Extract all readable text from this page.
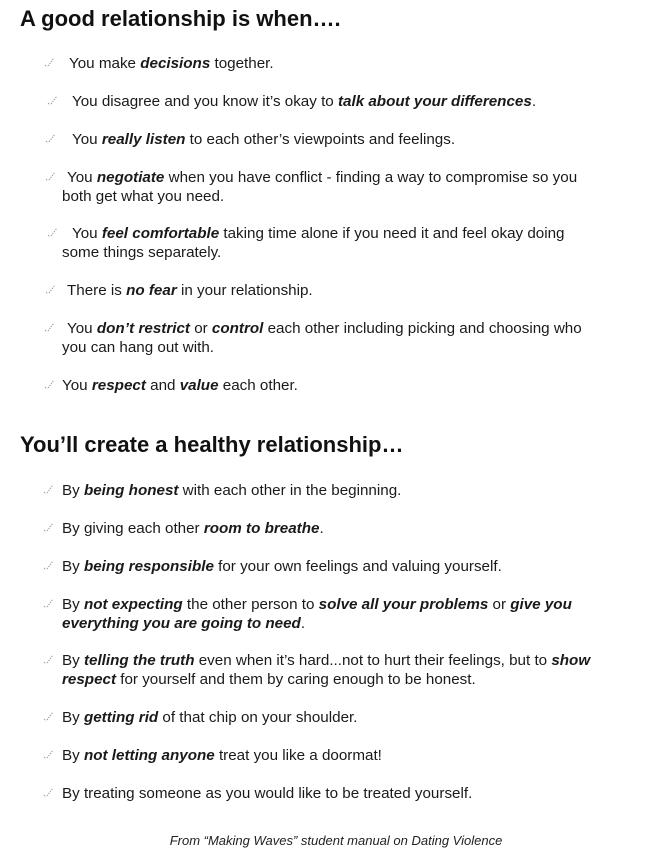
A good relationship is when….
You make decisions together.
You disagree and you know it’s okay to talk about your differences.
You really listen to each other’s viewpoints and feelings.
You negotiate when you have conflict - finding a way to compromise so you
both get what you need.
You feel comfortable taking time alone if you need it and feel okay doing
some things separately.
There is no fear in your relationship.
You don’t restrict or control each other including picking and choosing who
you can hang out with.
You respect and value each other.
You’ll create a healthy relationship…
By being honest with each other in the beginning.
By giving each other room to breathe.
By being responsible for your own feelings and valuing yourself.
By not expecting the other person to solve all your problems or give you
everything you are going to need.
By telling the truth even when it’s hard...not to hurt their feelings, but to show
respect for yourself and them by caring enough to be honest.
By getting rid of that chip on your shoulder.
By not letting anyone treat you like a doormat!
By treating someone as you would like to be treated yourself.
From “Making Waves” student manual on Dating Violence
